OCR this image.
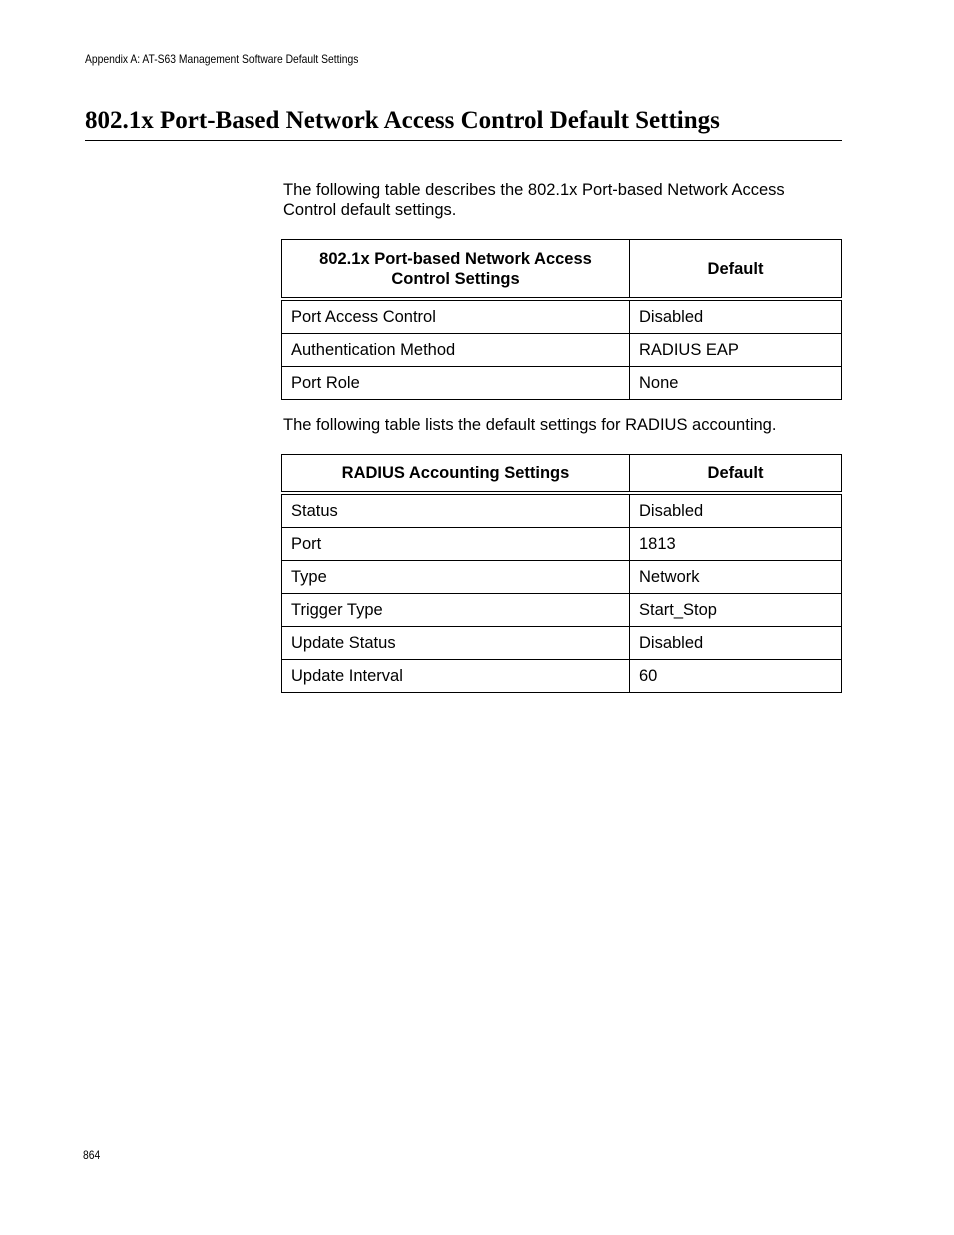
Appendix A: AT-S63 Management Software Default Settings
802.1x Port-Based Network Access Control Default Settings

The following table describes the 802.1x Port-based Network Access Control default settings.

802.1x Port-based Network Access Control Settings	Default
Port Access Control	Disabled
Authentication Method	RADIUS EAP
Port Role	None

The following table lists the default settings for RADIUS accounting.

RADIUS Accounting Settings	Default
Status	Disabled
Port	1813
Type	Network
Trigger Type	Start_Stop
Update Status	Disabled
Update Interval	60
864
